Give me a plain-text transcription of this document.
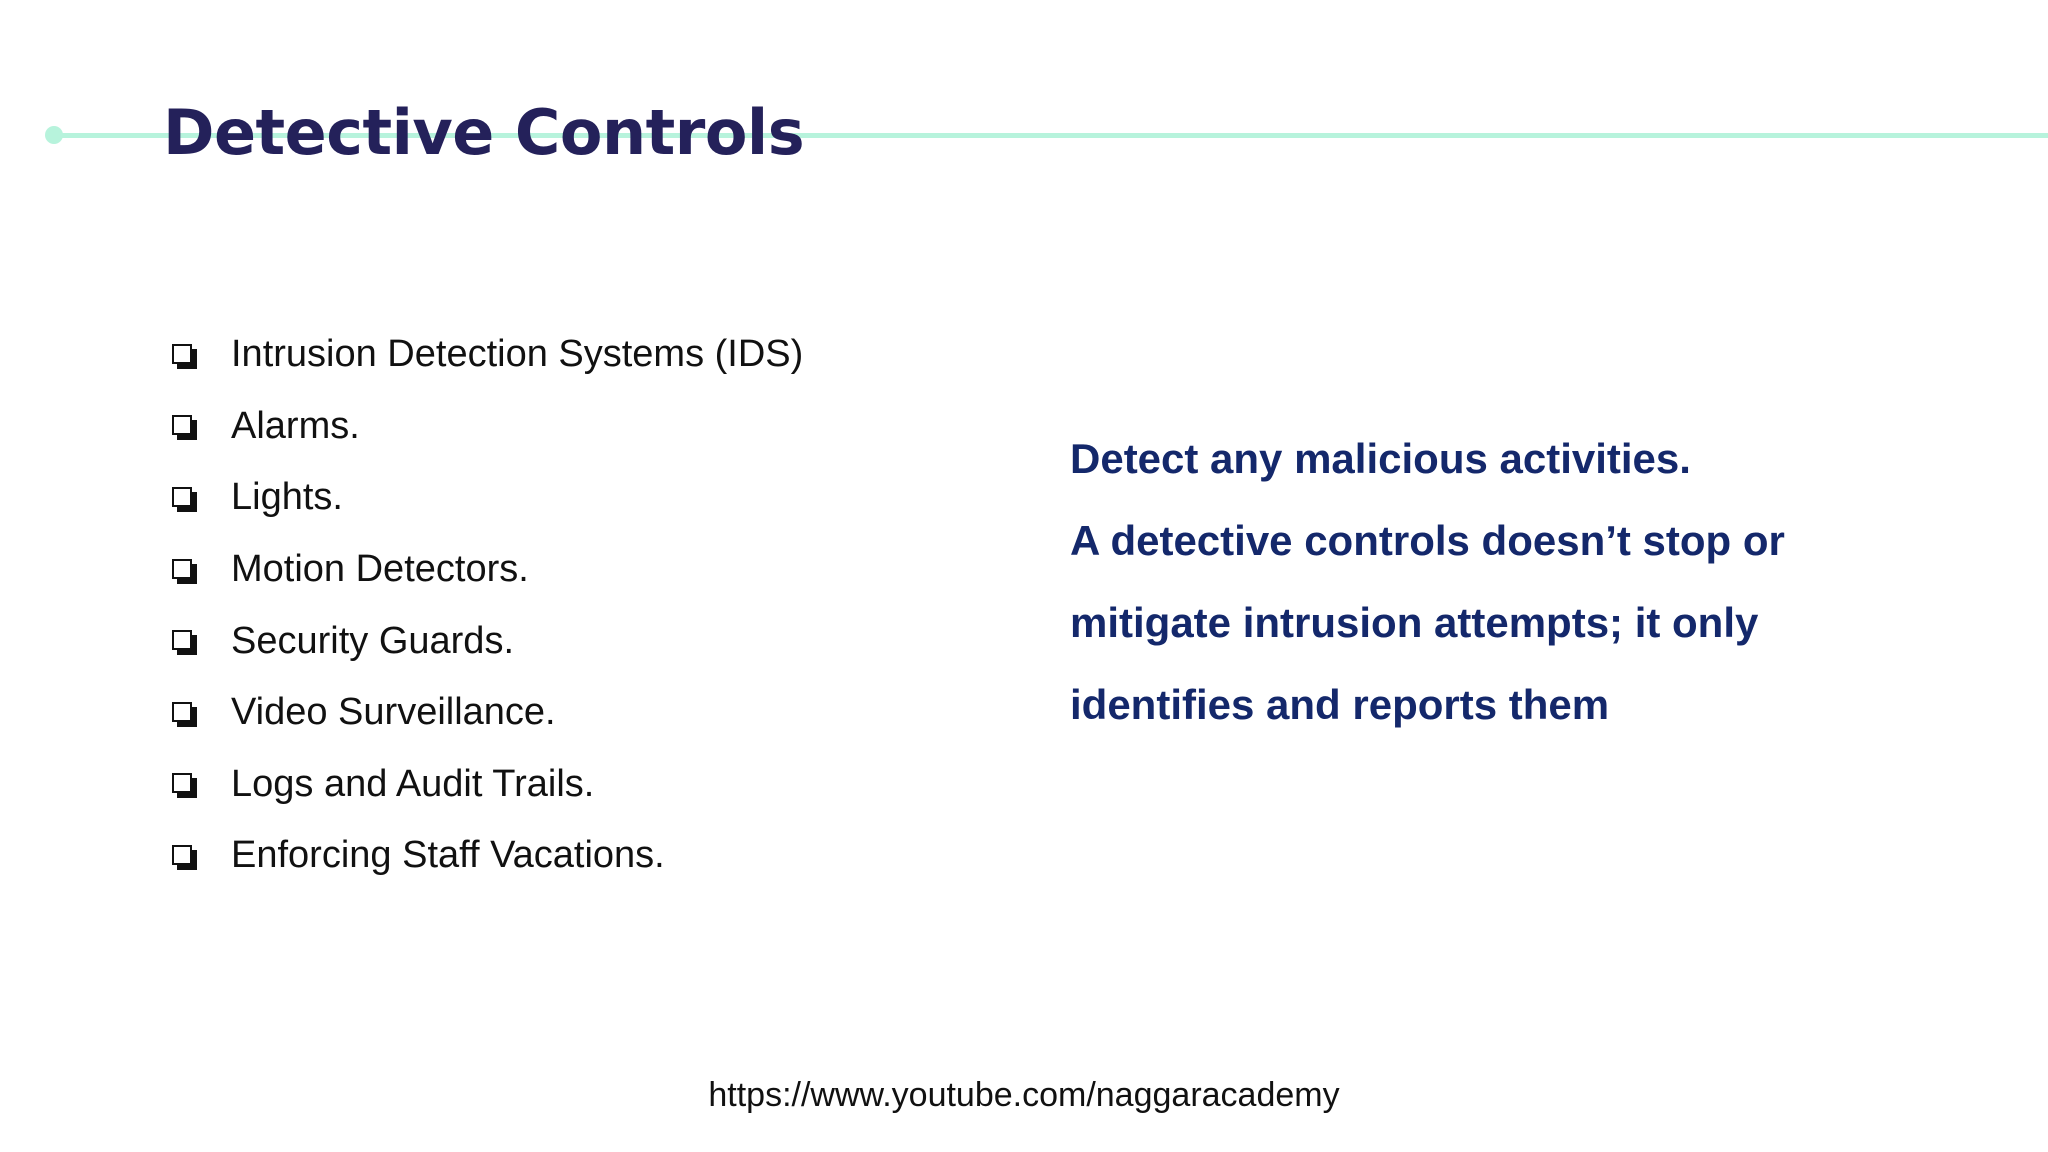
Detective Controls
Intrusion Detection Systems (IDS)
Alarms.
Lights.
Motion Detectors.
Security Guards.
Video Surveillance.
Logs and Audit Trails.
Enforcing Staff Vacations.

Detect any malicious activities.

A detective controls doesn’t stop or

mitigate intrusion attempts; it only

identifies and reports them

https://www.youtube.com/naggaracademy
